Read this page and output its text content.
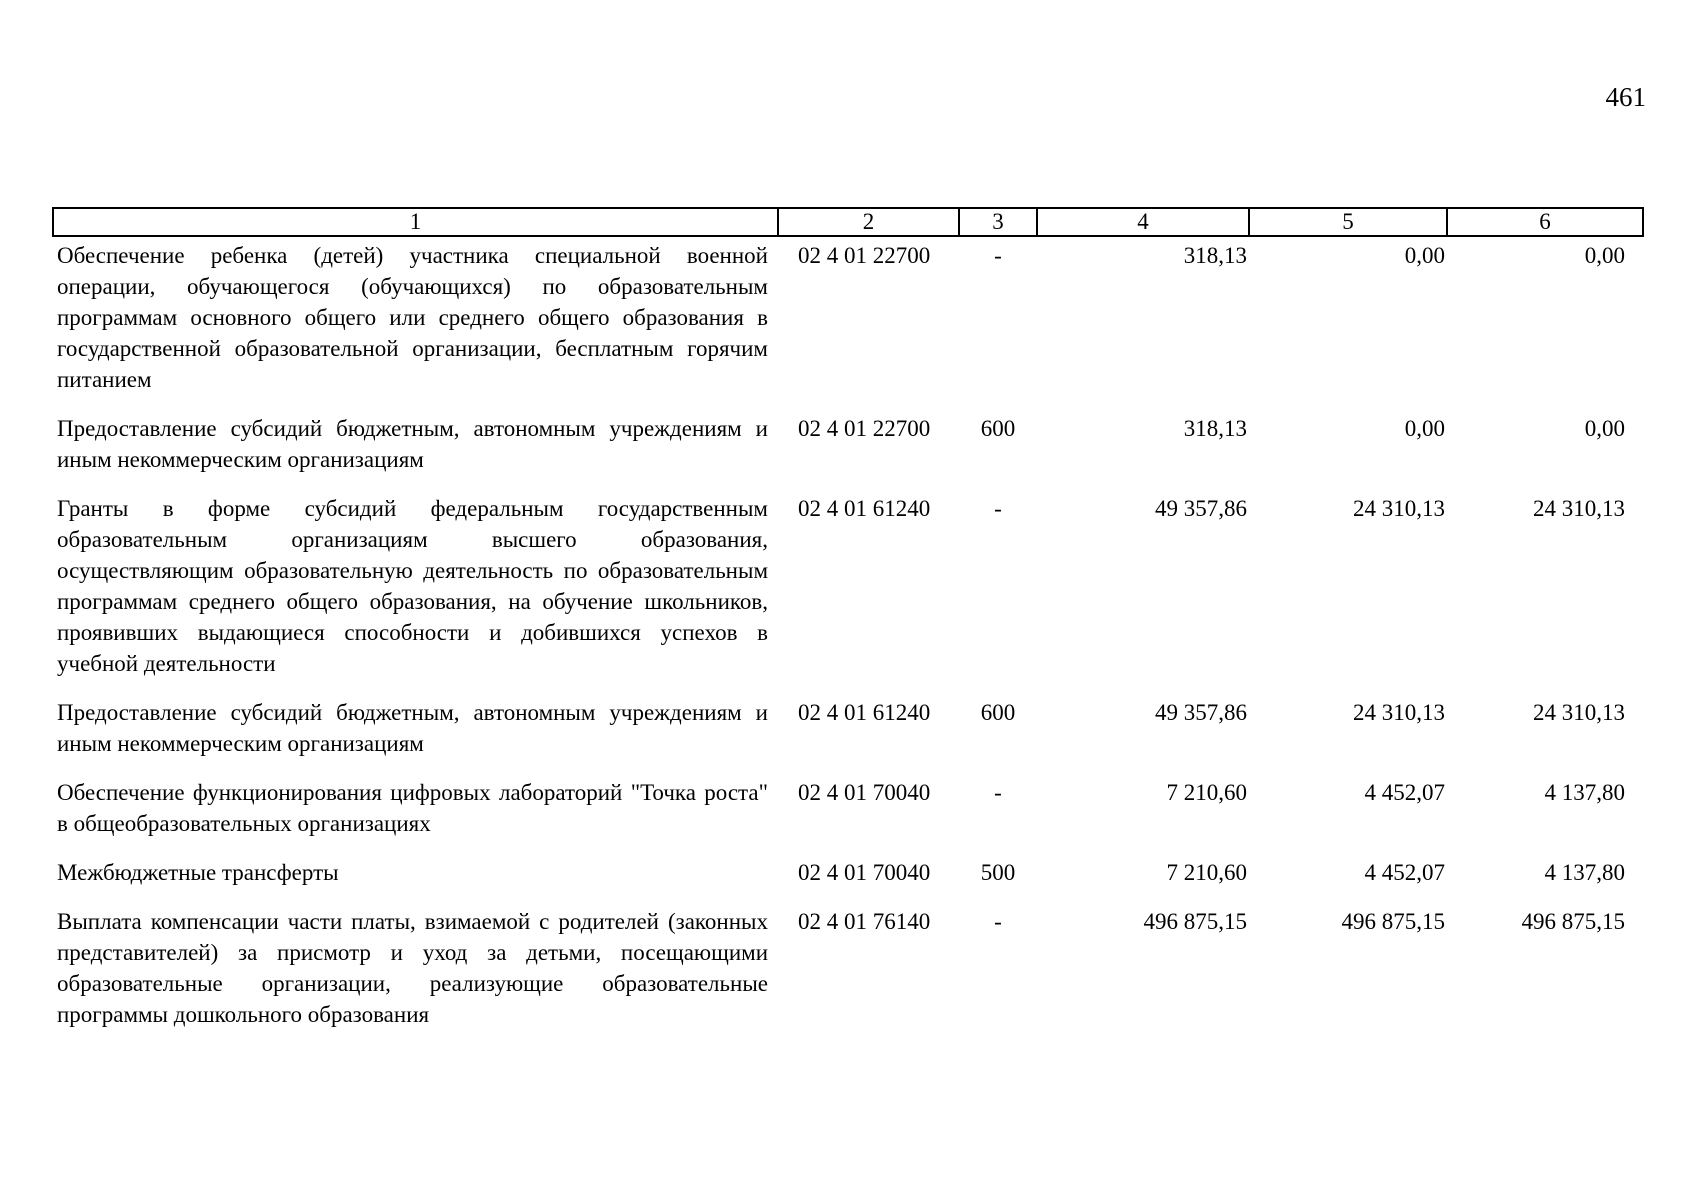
461
1	2	3	4	5	6
Обеспечение ребенка (детей) участника специальной военной операции, обучающегося (обучающихся) по образовательным программам основного общего или среднего общего образования в государственной образовательной организации, бесплатным горячим питанием	02 4 01 22700	-	318,13	0,00	0,00
Предоставление субсидий бюджетным, автономным учреждениям и иным некоммерческим организациям	02 4 01 22700	600	318,13	0,00	0,00
Гранты в форме субсидий федеральным государственным образовательным организациям высшего образования, осуществляющим образовательную деятельность по образовательным программам среднего общего образования, на обучение школьников, проявивших выдающиеся способности и добившихся успехов в учебной деятельности	02 4 01 61240	-	49 357,86	24 310,13	24 310,13
Предоставление субсидий бюджетным, автономным учреждениям и иным некоммерческим организациям	02 4 01 61240	600	49 357,86	24 310,13	24 310,13
Обеспечение функционирования цифровых лабораторий "Точка роста" в общеобразовательных организациях	02 4 01 70040	-	7 210,60	4 452,07	4 137,80
Межбюджетные трансферты	02 4 01 70040	500	7 210,60	4 452,07	4 137,80
Выплата компенсации части платы, взимаемой с родителей (законных представителей) за присмотр и уход за детьми, посещающими образовательные организации, реализующие образовательные программы дошкольного образования	02 4 01 76140	-	496 875,15	496 875,15	496 875,15
